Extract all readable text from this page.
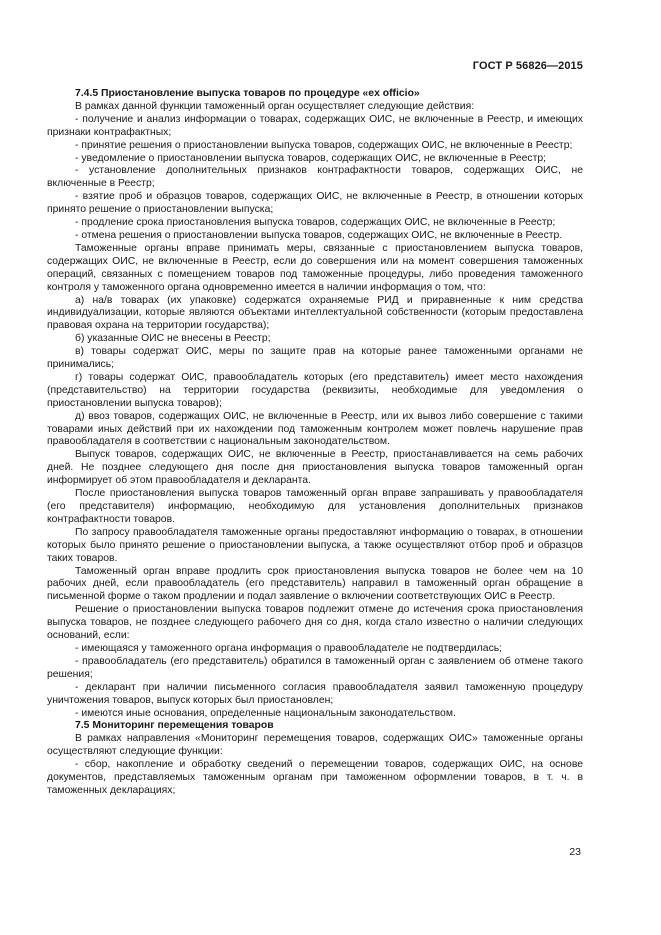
ГОСТ Р 56826—2015

7.4.5 Приостановление выпуска товаров по процедуре «ex officio»

В рамках данной функции таможенный орган осуществляет следующие действия:

- получение и анализ информации о товарах, содержащих ОИС, не включенные в Реестр, и имеющих признаки контрафактных;

- принятие решения о приостановлении выпуска товаров, содержащих ОИС, не включенные в Реестр;

- уведомление о приостановлении выпуска товаров, содержащих ОИС, не включенные в Реестр;

- установление дополнительных признаков контрафактности товаров, содержащих ОИС, не включенные в Реестр;

- взятие проб и образцов товаров, содержащих ОИС, не включенные в Реестр, в отношении которых принято решение о приостановлении выпуска;

- продление срока приостановления выпуска товаров, содержащих ОИС, не включенные в Реестр;

- отмена решения о приостановлении выпуска товаров, содержащих ОИС, не включенные в Реестр.

Таможенные органы вправе принимать меры, связанные с приостановлением выпуска товаров, содержащих ОИС, не включенные в Реестр, если до совершения или на момент совершения таможенных операций, связанных с помещением товаров под таможенные процедуры, либо проведения таможенного контроля у таможенного органа одновременно имеется в наличии информация о том, что:

а) на/в товарах (их упаковке) содержатся охраняемые РИД и приравненные к ним средства индивидуализации, которые являются объектами интеллектуальной собственности (которым предоставлена правовая охрана на территории государства);

б) указанные ОИС не внесены в Реестр;

в) товары содержат ОИС, меры по защите прав на которые ранее таможенными органами не принимались;

г) товары содержат ОИС, правообладатель которых (его представитель) имеет место нахождения (представительство) на территории государства (реквизиты, необходимые для уведомления о приостановлении выпуска товаров);

д) ввоз товаров, содержащих ОИС, не включенные в Реестр, или их вывоз либо совершение с такими товарами иных действий при их нахождении под таможенным контролем может повлечь нарушение прав правообладателя в соответствии с национальным законодательством.

Выпуск товаров, содержащих ОИС, не включенные в Реестр, приостанавливается на семь рабочих дней. Не позднее следующего дня после дня приостановления выпуска товаров таможенный орган информирует об этом правообладателя и декларанта.

После приостановления выпуска товаров таможенный орган вправе запрашивать у правообладателя (его представителя) информацию, необходимую для установления дополнительных признаков контрафактности товаров.

По запросу правообладателя таможенные органы предоставляют информацию о товарах, в отношении которых было принято решение о приостановлении выпуска, а также осуществляют отбор проб и образцов таких товаров.

Таможенный орган вправе продлить срок приостановления выпуска товаров не более чем на 10 рабочих дней, если правообладатель (его представитель) направил в таможенный орган обращение в письменной форме о таком продлении и подал заявление о включении соответствующих ОИС в Реестр.

Решение о приостановлении выпуска товаров подлежит отмене до истечения срока приостановления выпуска товаров, не позднее следующего рабочего дня со дня, когда стало известно о наличии следующих оснований, если:

- имеющаяся у таможенного органа информация о правообладателе не подтвердилась;

- правообладатель (его представитель) обратился в таможенный орган с заявлением об отмене такого решения;

- декларант при наличии письменного согласия правообладателя заявил таможенную процедуру уничтожения товаров, выпуск которых был приостановлен;

- имеются иные основания, определенные национальным законодательством.

7.5 Мониторинг перемещения товаров

В рамках направления «Мониторинг перемещения товаров, содержащих ОИС» таможенные органы осуществляют следующие функции:

- сбор, накопление и обработку сведений о перемещении товаров, содержащих ОИС, на основе документов, представляемых таможенным органам при таможенном оформлении товаров, в т. ч. в таможенных декларациях;

23
